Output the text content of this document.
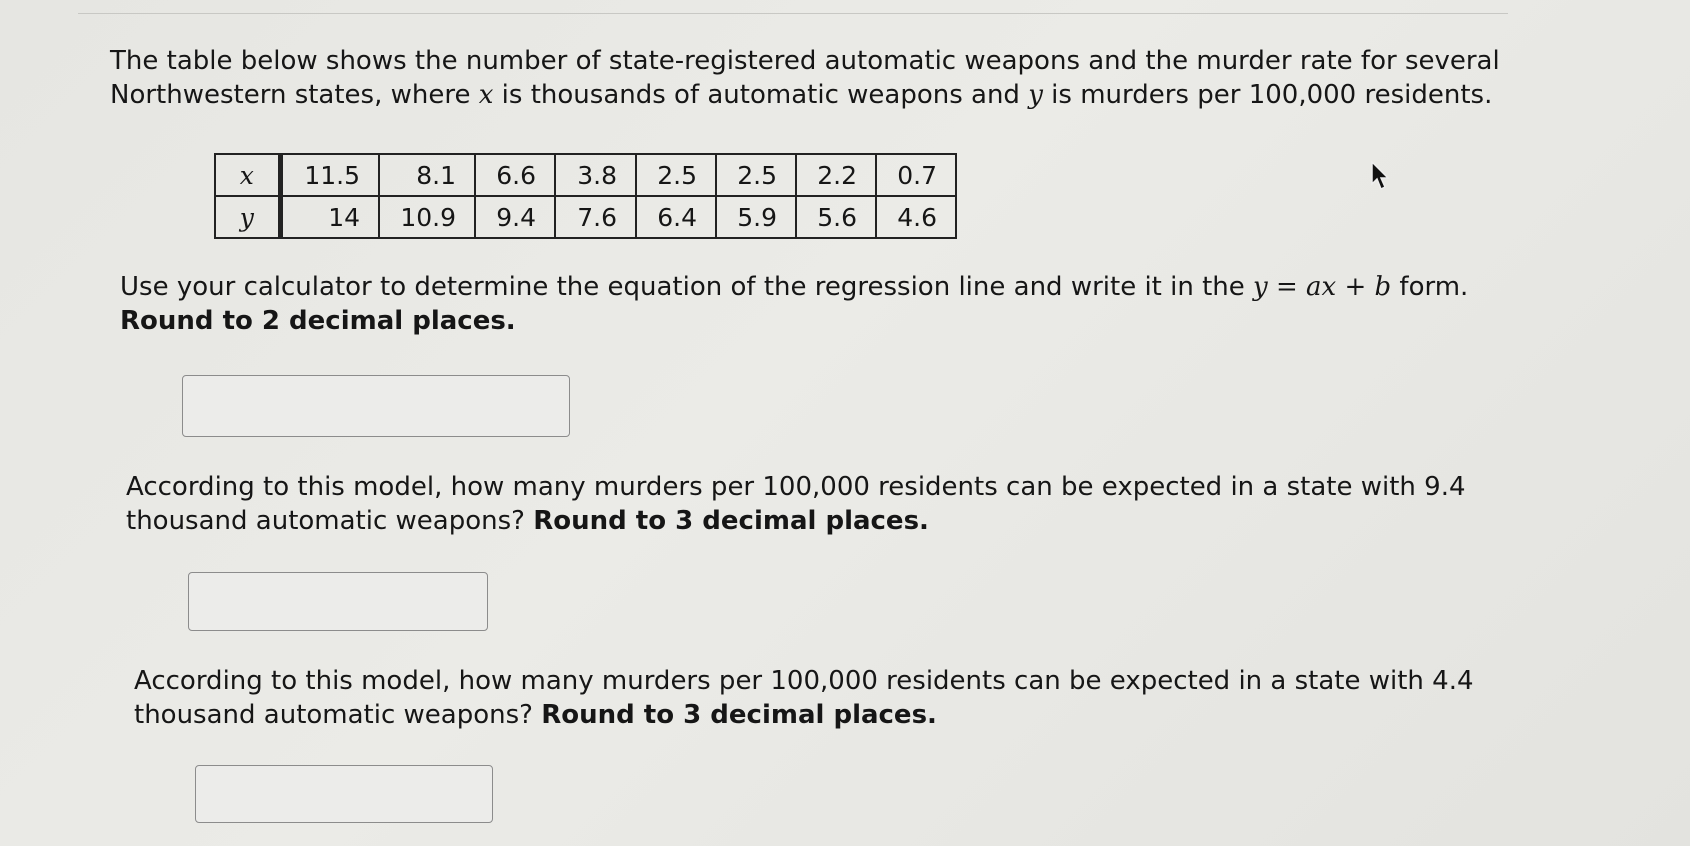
The table below shows the number of state-registered automatic weapons and the murder rate for several Northwestern states, where x is thousands of automatic weapons and y is murders per 100,000 residents.

x	11.5	8.1	6.6	3.8	2.5	2.5	2.2	0.7
y	14	10.9	9.4	7.6	6.4	5.9	5.6	4.6

Use your calculator to determine the equation of the regression line and write it in the y = ax + b form.
Round to 2 decimal places.

According to this model, how many murders per 100,000 residents can be expected in a state with 9.4 thousand automatic weapons? Round to 3 decimal places.

According to this model, how many murders per 100,000 residents can be expected in a state with 4.4 thousand automatic weapons? Round to 3 decimal places.
